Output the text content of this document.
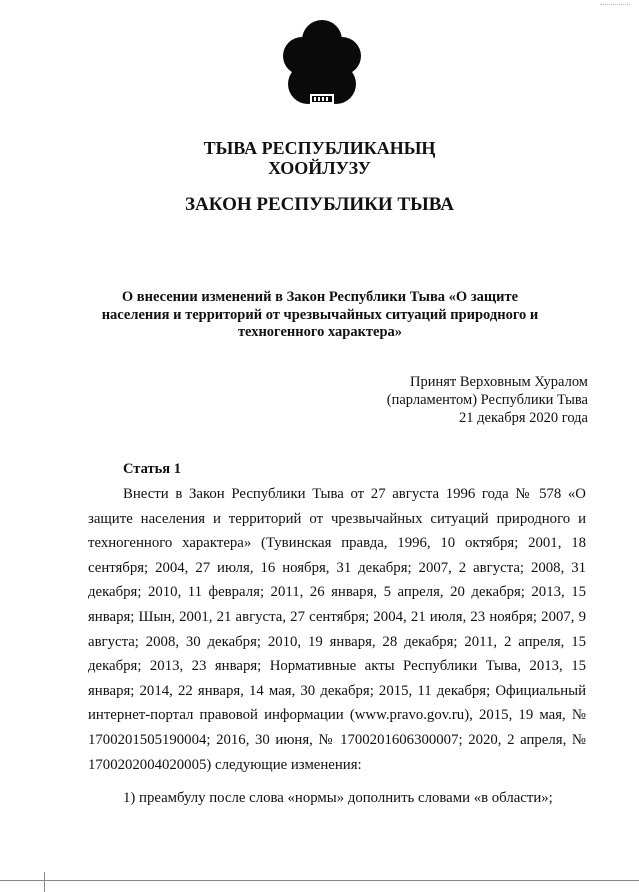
ТЫВА РЕСПУБЛИКАНЫҢ
ХООЙЛУЗУ
ЗАКОН РЕСПУБЛИКИ ТЫВА
О внесении изменений в Закон Республики Тыва «О защите населения и территорий от чрезвычайных ситуаций природного и техногенного характера»
Принят Верховным Хуралом
(парламентом) Республики Тыва
21 декабря 2020 года
Статья 1
Внести в Закон Республики Тыва от 27 августа 1996 года № 578 «О защите населения и территорий от чрезвычайных ситуаций природного и техногенного характера» (Тувинская правда, 1996, 10 октября; 2001, 18 сентября; 2004, 27 июля, 16 ноября, 31 декабря; 2007, 2 августа; 2008, 31 декабря; 2010, 11 февраля; 2011, 26 января, 5 апреля, 20 декабря; 2013, 15 января; Шын, 2001, 21 августа, 27 сентября; 2004, 21 июля, 23 ноября; 2007, 9 августа; 2008, 30 декабря; 2010, 19 января, 28 декабря; 2011, 2 апреля, 15 декабря; 2013, 23 января; Нормативные акты Республики Тыва, 2013, 15 января; 2014, 22 января, 14 мая, 30 декабря; 2015, 11 декабря; Официальный интернет-портал правовой информации (www.pravo.gov.ru), 2015, 19 мая, № 1700201505190004; 2016, 30 июня, № 1700201606300007; 2020, 2 апреля, № 1700202004020005) следующие изменения:
1) преамбулу после слова «нормы» дополнить словами «в области»;
